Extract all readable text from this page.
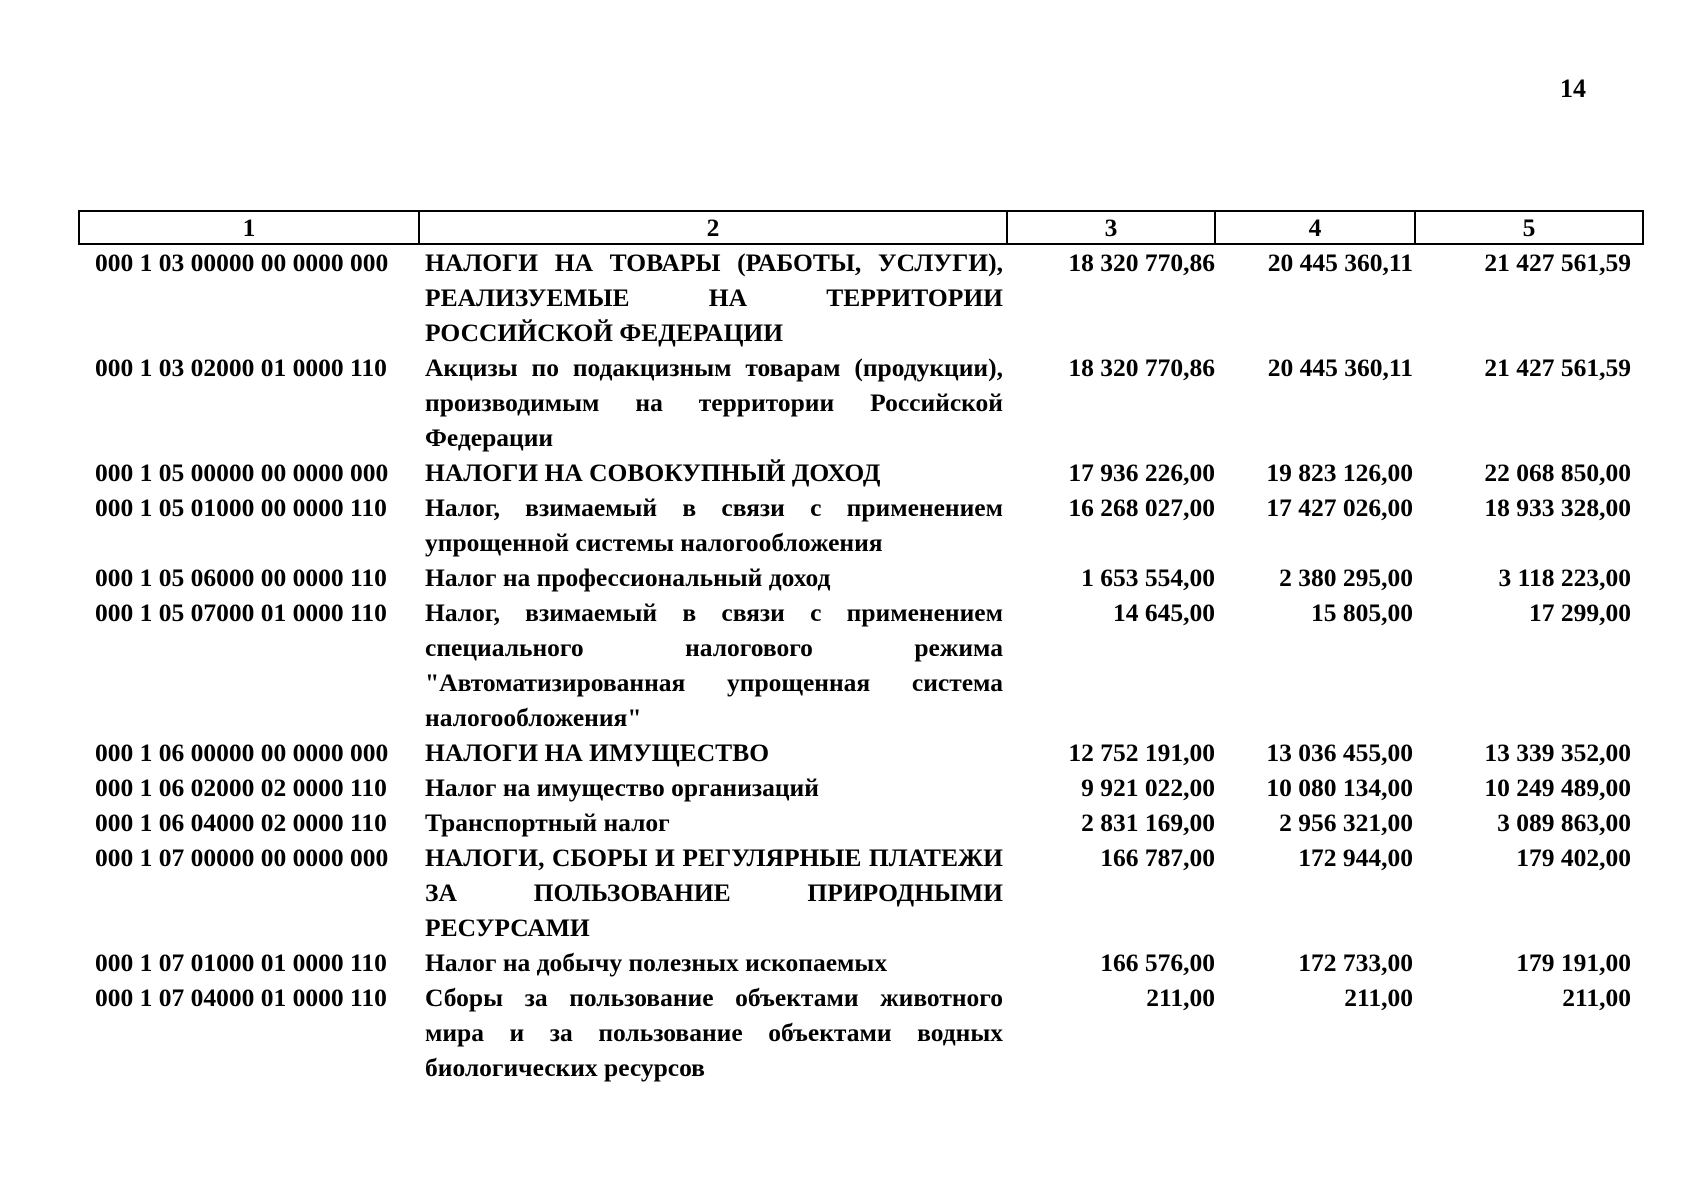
14
1	2	3	4	5
000 1 03 00000 00 0000 000	НАЛОГИ НА ТОВАРЫ (РАБОТЫ, УСЛУГИ), РЕАЛИЗУЕМЫЕ НА ТЕРРИТОРИИ РОССИЙСКОЙ ФЕДЕРАЦИИ	18 320 770,86	20 445 360,11	21 427 561,59
000 1 03 02000 01 0000 110	Акцизы по подакцизным товарам (продукции), производимым на территории Российской Федерации	18 320 770,86	20 445 360,11	21 427 561,59
000 1 05 00000 00 0000 000	НАЛОГИ НА СОВОКУПНЫЙ ДОХОД	17 936 226,00	19 823 126,00	22 068 850,00
000 1 05 01000 00 0000 110	Налог, взимаемый в связи с применением упрощенной системы налогообложения	16 268 027,00	17 427 026,00	18 933 328,00
000 1 05 06000 00 0000 110	Налог на профессиональный доход	1 653 554,00	2 380 295,00	3 118 223,00
000 1 05 07000 01 0000 110	Налог, взимаемый в связи с применением специального налогового режима "Автоматизированная упрощенная система налогообложения"	14 645,00	15 805,00	17 299,00
000 1 06 00000 00 0000 000	НАЛОГИ НА ИМУЩЕСТВО	12 752 191,00	13 036 455,00	13 339 352,00
000 1 06 02000 02 0000 110	Налог на имущество организаций	9 921 022,00	10 080 134,00	10 249 489,00
000 1 06 04000 02 0000 110	Транспортный налог	2 831 169,00	2 956 321,00	3 089 863,00
000 1 07 00000 00 0000 000	НАЛОГИ, СБОРЫ И РЕГУЛЯРНЫЕ ПЛАТЕЖИ ЗА ПОЛЬЗОВАНИЕ ПРИРОДНЫМИ РЕСУРСАМИ	166 787,00	172 944,00	179 402,00
000 1 07 01000 01 0000 110	Налог на добычу полезных ископаемых	166 576,00	172 733,00	179 191,00
000 1 07 04000 01 0000 110	Сборы за пользование объектами животного мира и за пользование объектами водных биологических ресурсов	211,00	211,00	211,00
